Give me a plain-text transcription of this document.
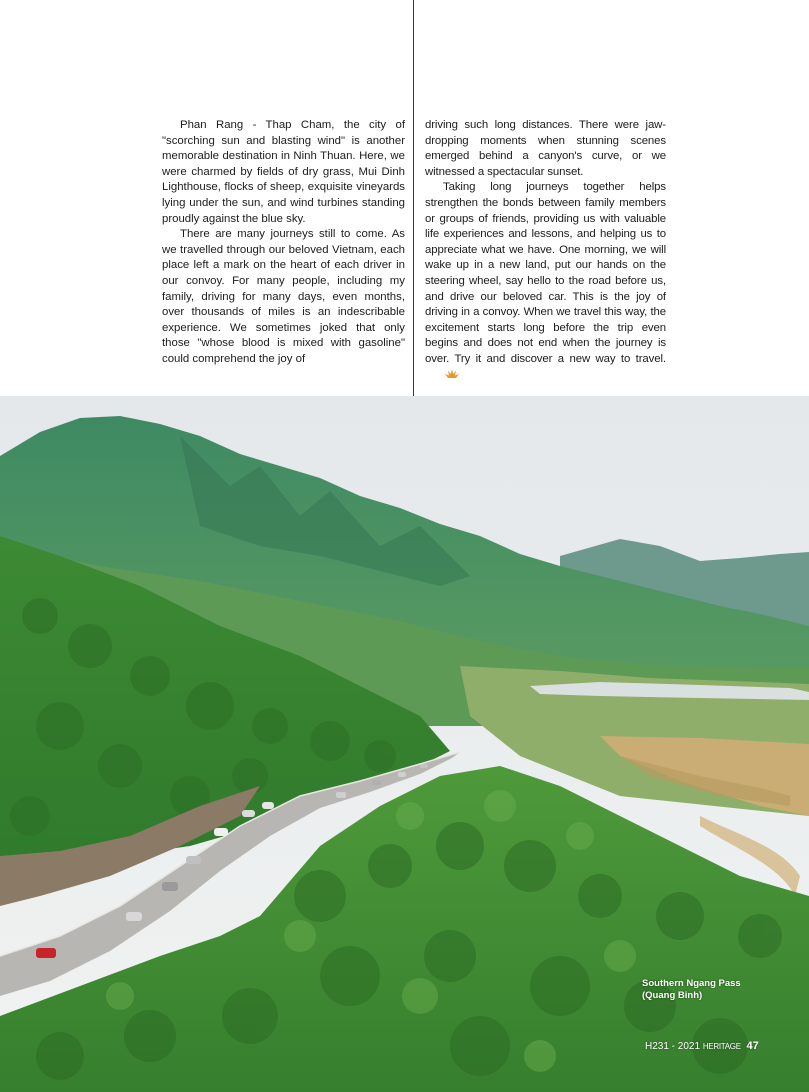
Phan Rang - Thap Cham, the city of "scorching sun and blasting wind" is another memorable destination in Ninh Thuan. Here, we were charmed by fields of dry grass, Mui Dinh Lighthouse, flocks of sheep, exquisite vineyards lying under the sun, and wind turbines standing proudly against the blue sky.

There are many journeys still to come. As we travelled through our beloved Vietnam, each place left a mark on the heart of each driver in our convoy. For many people, including my family, driving for many days, even months, over thousands of miles is an indescribable experience. We sometimes joked that only those "whose blood is mixed with gasoline" could comprehend the joy of

driving such long distances. There were jaw-dropping moments when stunning scenes emerged behind a canyon's curve, or we witnessed a spectacular sunset.

Taking long journeys together helps strengthen the bonds between family members or groups of friends, providing us with valuable life experiences and lessons, and helping us to appreciate what we have. One morning, we will wake up in a new land, put our hands on the steering wheel, say hello to the road before us, and drive our beloved car. This is the joy of driving in a convoy. When we travel this way, the excitement starts long before the trip even begins and does not end when the journey is over. Try it and discover a new way to travel.

Southern Ngang Pass
(Quang Binh)
H231 - 2021 HERITAGE 47
